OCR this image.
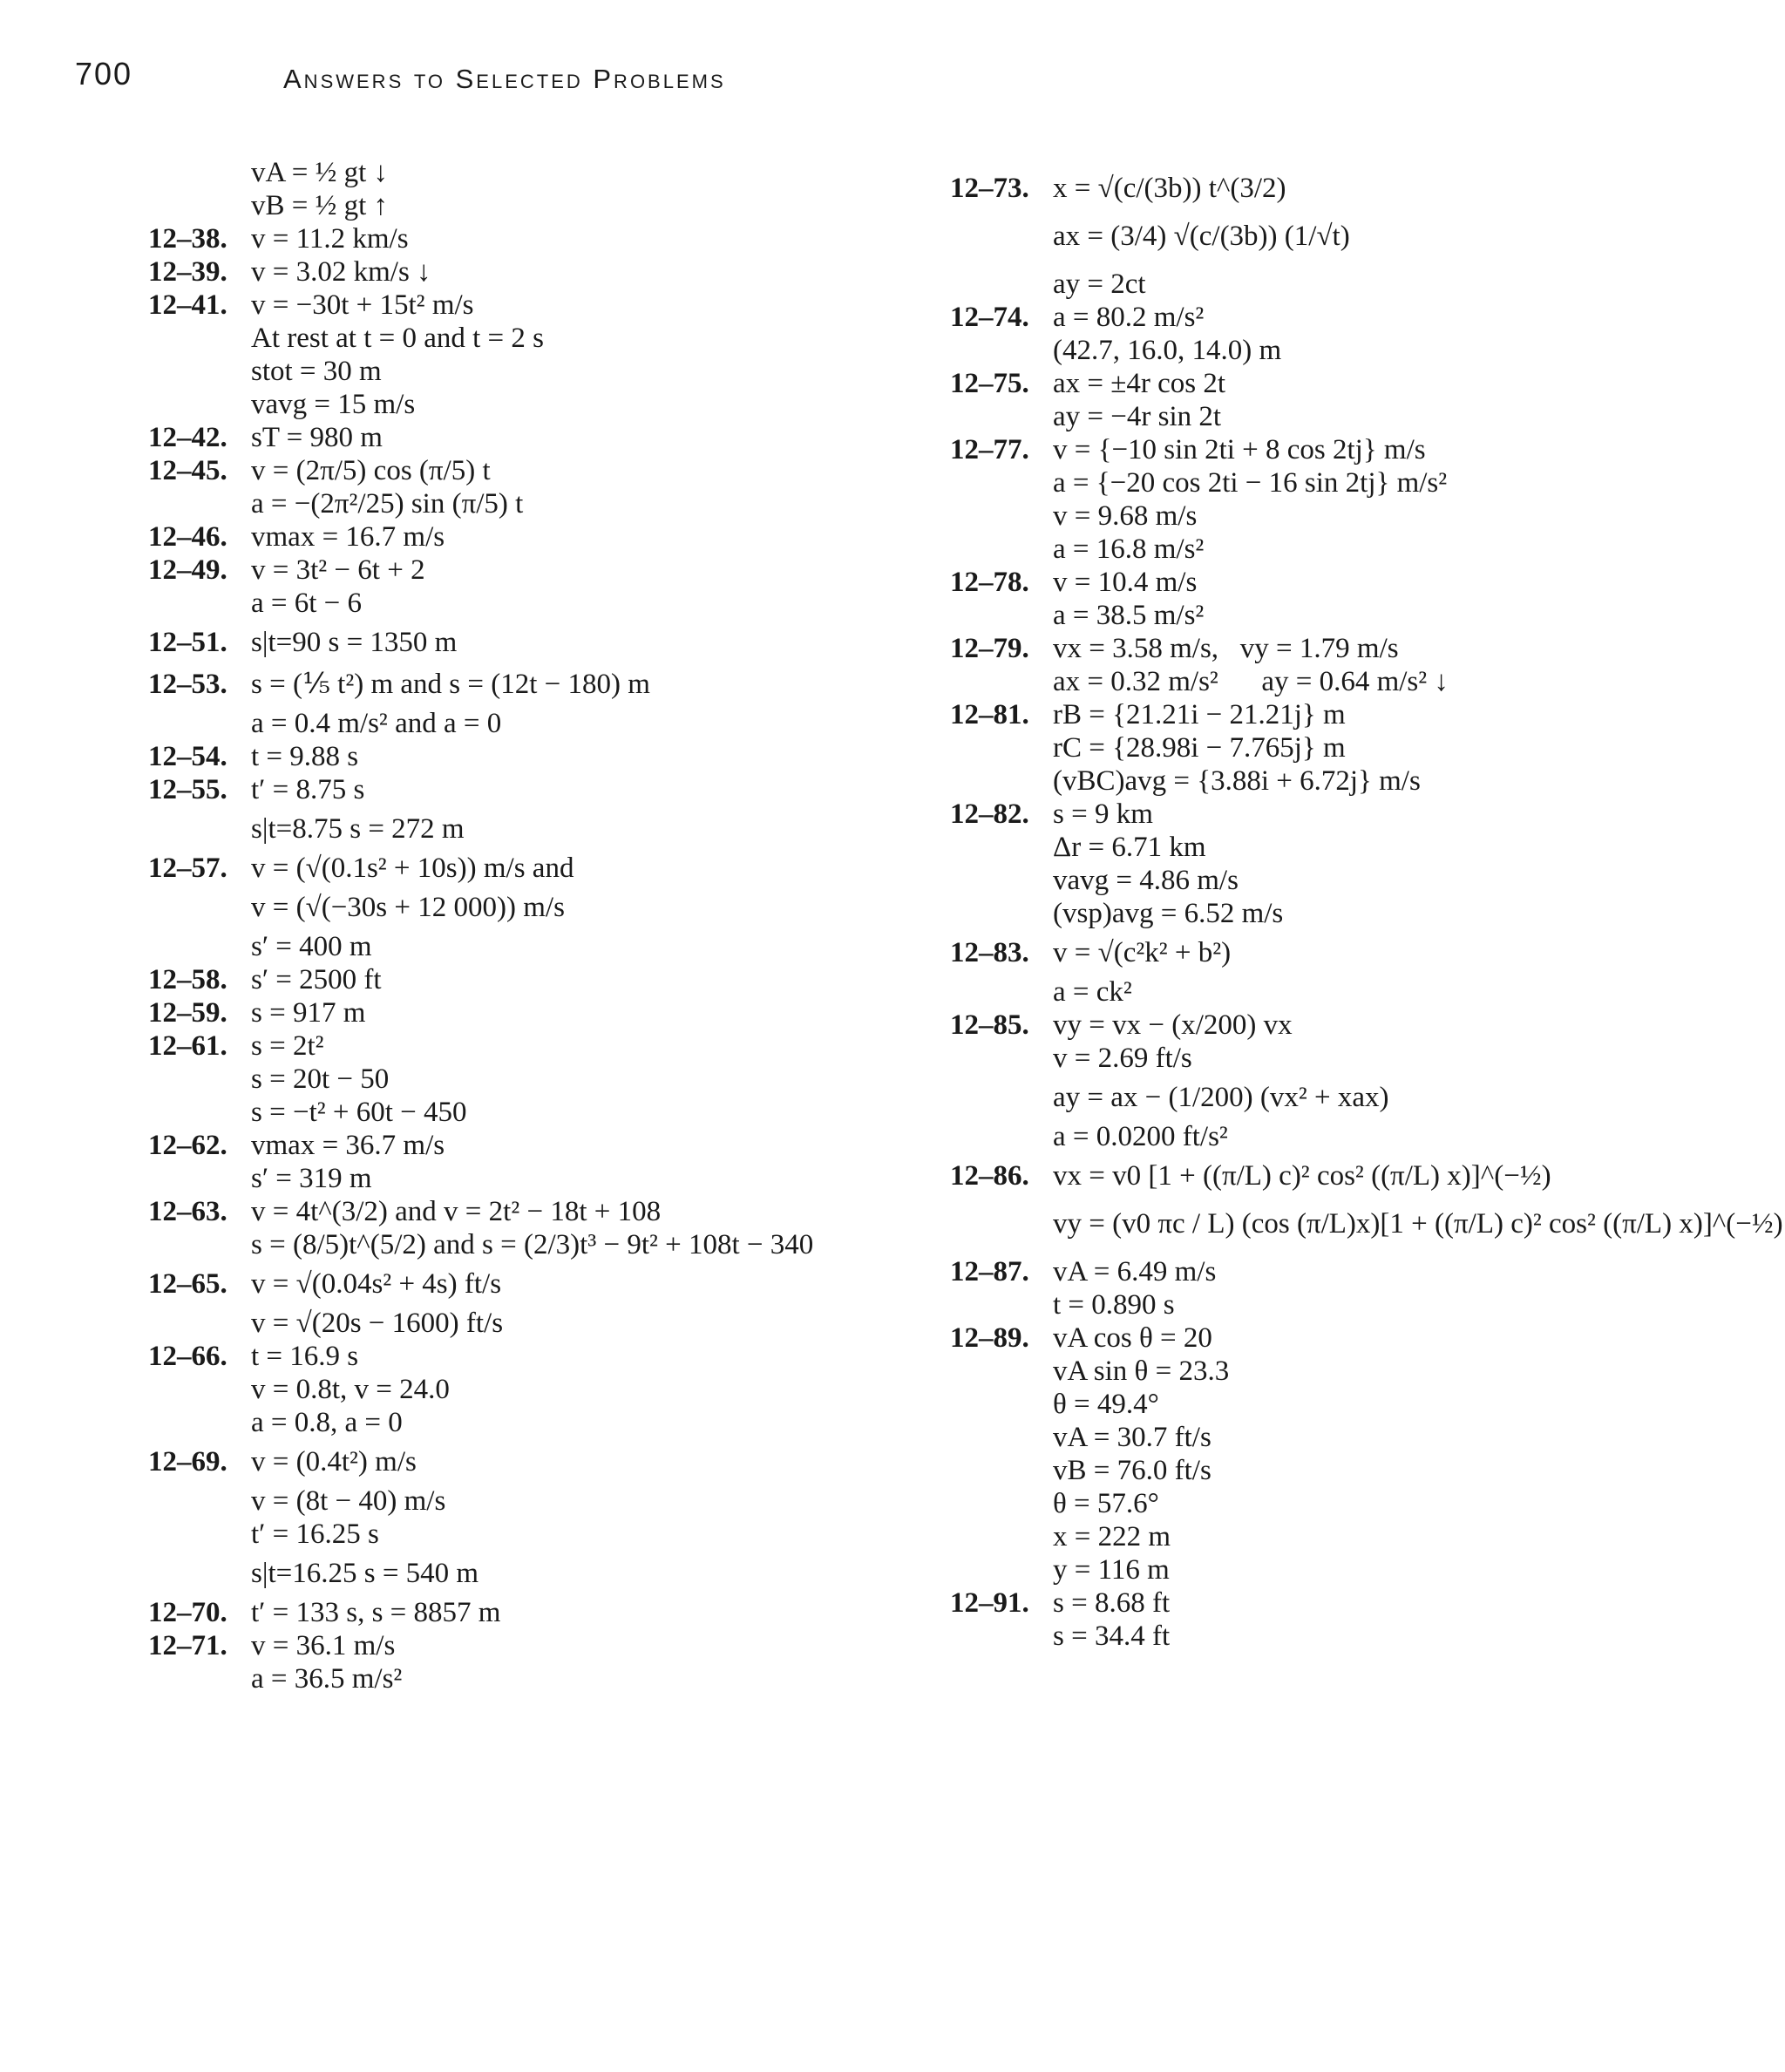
700	Answers to Selected Problems
vA = ½ gt ↓
vB = ½ gt ↑
12–38. v = 11.2 km/s
12–39. v = 3.02 km/s ↓
12–41. v = −30t + 15t² m/s
At rest at t = 0 and t = 2 s
stot = 30 m
vavg = 15 m/s
12–42. sT = 980 m
12–45. v = (2π/5) cos (π/5) t
a = −(2π²/25) sin (π/5) t
12–46. vmax = 16.7 m/s
12–49. v = 3t² − 6t + 2
a = 6t − 6
12–51. s|t=90 s = 1350 m
12–53. s = (⅕ t²) m and s = (12t − 180) m
a = 0.4 m/s² and a = 0
12–54. t = 9.88 s
12–55. t′ = 8.75 s
s|t=8.75 s = 272 m
12–57. v = (√(0.1s² + 10s)) m/s and
v = (√(−30s + 12 000)) m/s
s′ = 400 m
12–58. s′ = 2500 ft
12–59. s = 917 m
12–61. s = 2t²
s = 20t − 50
s = −t² + 60t − 450
12–62. vmax = 36.7 m/s
s′ = 319 m
12–63. v = 4t^(3/2) and v = 2t² − 18t + 108
s = (8/5)t^(5/2) and s = (2/3)t³ − 9t² + 108t − 340
12–65. v = √(0.04s² + 4s) ft/s
v = √(20s − 1600) ft/s
12–66. t = 16.9 s
v = 0.8t, v = 24.0
a = 0.8, a = 0
12–69. v = (0.4t²) m/s
v = (8t − 40) m/s
t′ = 16.25 s
s|t=16.25 s = 540 m
12–70. t′ = 133 s, s = 8857 m
12–71. v = 36.1 m/s
a = 36.5 m/s²
12–73. x = √(c/(3b)) t^(3/2)
ax = (3/4) √(c/(3b)) (1/√t)
ay = 2ct
12–74. a = 80.2 m/s²
(42.7, 16.0, 14.0) m
12–75. ax = ±4r cos 2t
ay = −4r sin 2t
12–77. v = {−10 sin 2ti + 8 cos 2tj} m/s
a = {−20 cos 2ti − 16 sin 2tj} m/s²
v = 9.68 m/s
a = 16.8 m/s²
12–78. v = 10.4 m/s
a = 38.5 m/s²
12–79. vx = 3.58 m/s,   vy = 1.79 m/s
ax = 0.32 m/s²      ay = 0.64 m/s² ↓
12–81. rB = {21.21i − 21.21j} m
rC = {28.98i − 7.765j} m
(vBC)avg = {3.88i + 6.72j} m/s
12–82. s = 9 km
Δr = 6.71 km
vavg = 4.86 m/s
(vsp)avg = 6.52 m/s
12–83. v = √(c²k² + b²)
a = ck²
12–85. vy = vx − (x/200) vx
v = 2.69 ft/s
ay = ax − (1/200) (vx² + xax)
a = 0.0200 ft/s²
12–86. vx = v0 [1 + ((π/L) c)² cos² ((π/L) x)]^(−½)
vy = (v0 πc / L) (cos (π/L)x)[1 + ((π/L) c)² cos² ((π/L) x)]^(−½)
12–87. vA = 6.49 m/s
t = 0.890 s
12–89. vA cos θ = 20
vA sin θ = 23.3
θ = 49.4°
vA = 30.7 ft/s
vB = 76.0 ft/s
θ = 57.6°
x = 222 m
y = 116 m
12–91. s = 8.68 ft
s = 34.4 ft
